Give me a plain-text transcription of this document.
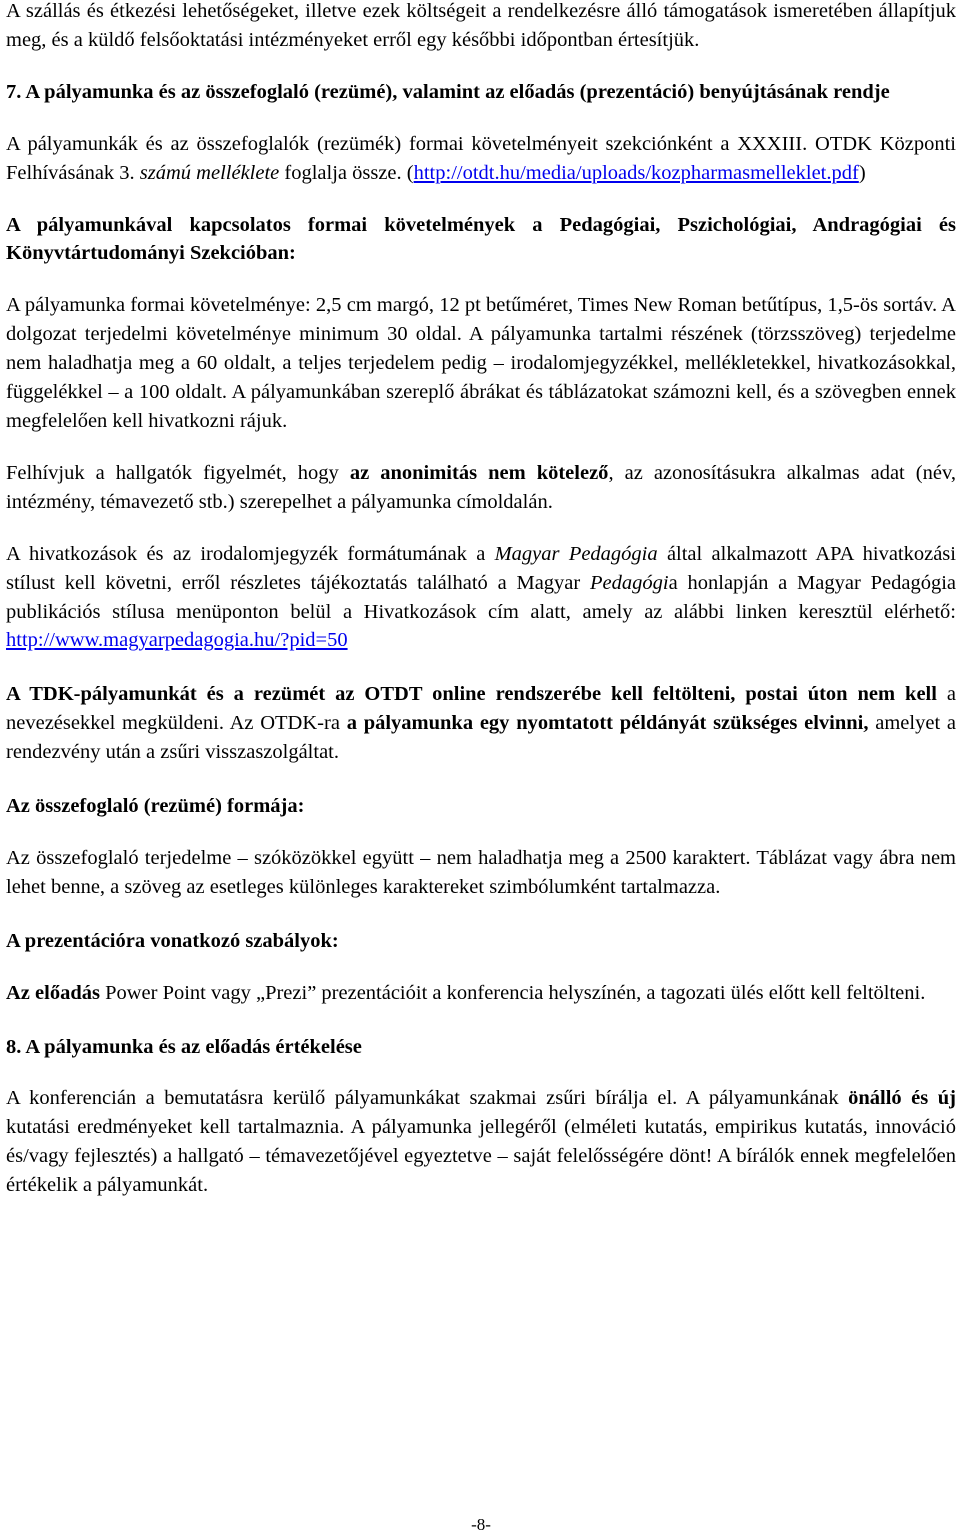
A szállás és étkezési lehetőségeket, illetve ezek költségeit a rendelkezésre álló támogatások ismeretében állapítjuk meg, és a küldő felsőoktatási intézményeket erről egy későbbi időpontban értesítjük.

7. A pályamunka és az összefoglaló (rezümé), valamint az előadás (prezentáció) benyújtásának rendje

A pályamunkák és az összefoglalók (rezümék) formai követelményeit szekciónként a XXXIII. OTDK Központi Felhívásának 3. számú melléklete foglalja össze. (http://otdt.hu/media/uploads/kozpharmasmelleklet.pdf)

A pályamunkával kapcsolatos formai követelmények a Pedagógiai, Pszichológiai, Andragógiai és Könyvtártudományi Szekcióban:

A pályamunka formai követelménye: 2,5 cm margó, 12 pt betűméret, Times New Roman betűtípus, 1,5-ös sortáv. A dolgozat terjedelmi követelménye minimum 30 oldal. A pályamunka tartalmi részének (törzsszöveg) terjedelme nem haladhatja meg a 60 oldalt, a teljes terjedelem pedig – irodalomjegyzékkel, mellékletekkel, hivatkozásokkal, függelékkel – a 100 oldalt. A pályamunkában szereplő ábrákat és táblázatokat számozni kell, és a szövegben ennek megfelelően kell hivatkozni rájuk.

Felhívjuk a hallgatók figyelmét, hogy az anonimitás nem kötelező, az azonosításukra alkalmas adat (név, intézmény, témavezető stb.) szerepelhet a pályamunka címoldalán.

A hivatkozások és az irodalomjegyzék formátumának a Magyar Pedagógia által alkalmazott APA hivatkozási stílust kell követni, erről részletes tájékoztatás található a Magyar Pedagógia honlapján a Magyar Pedagógia publikációs stílusa menüponton belül a Hivatkozások cím alatt, amely az alábbi linken keresztül elérhető: http://www.magyarpedagogia.hu/?pid=50

A TDK-pályamunkát és a rezümét az OTDT online rendszerébe kell feltölteni, postai úton nem kell a nevezésekkel megküldeni. Az OTDK-ra a pályamunka egy nyomtatott példányát szükséges elvinni, amelyet a rendezvény után a zsűri visszaszolgáltat.

Az összefoglaló (rezümé) formája:

Az összefoglaló terjedelme – szóközökkel együtt – nem haladhatja meg a 2500 karaktert. Táblázat vagy ábra nem lehet benne, a szöveg az esetleges különleges karaktereket szimbólumként tartalmazza.

A prezentációra vonatkozó szabályok:

Az előadás Power Point vagy „Prezi” prezentációit a konferencia helyszínén, a tagozati ülés előtt kell feltölteni.

8. A pályamunka és az előadás értékelése

A konferencián a bemutatásra kerülő pályamunkákat szakmai zsűri bírálja el. A pályamunkának önálló és új kutatási eredményeket kell tartalmaznia. A pályamunka jellegéről (elméleti kutatás, empirikus kutatás, innováció és/vagy fejlesztés) a hallgató – témavezetőjével egyeztetve – saját felelősségére dönt! A bírálók ennek megfelelően értékelik a pályamunkát.

-8-
